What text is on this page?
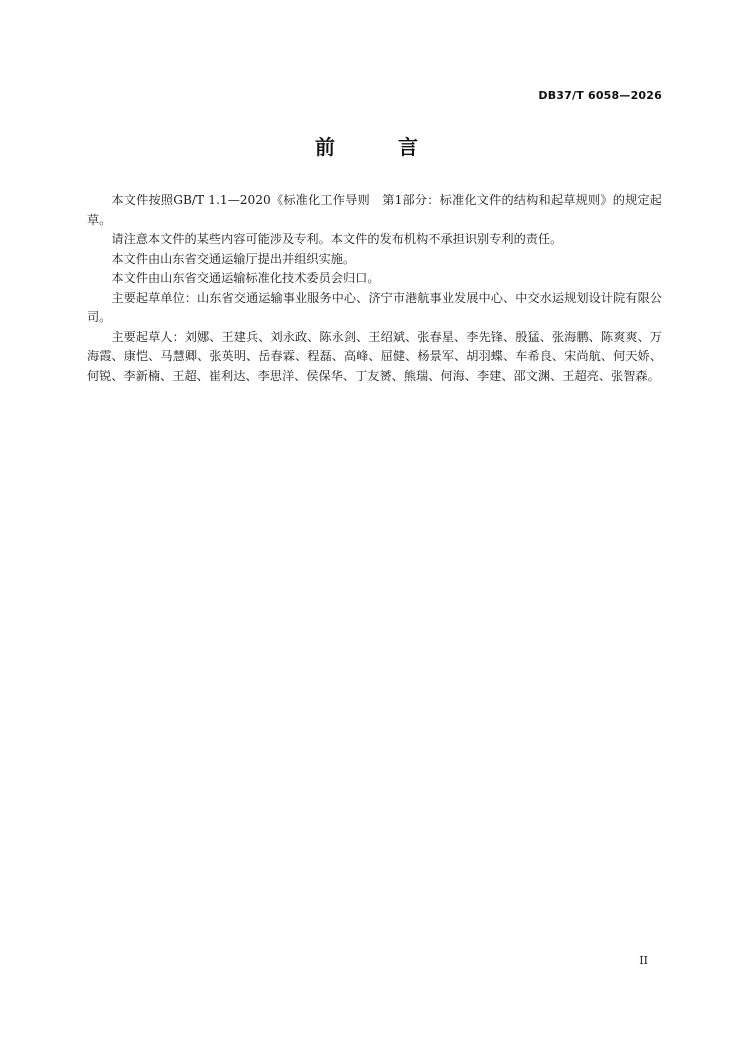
DB37/T 6058—2026
前 言

本文件按照GB/T 1.1—2020《标准化工作导则　第1部分：标准化文件的结构和起草规则》的规定起草。

请注意本文件的某些内容可能涉及专利。本文件的发布机构不承担识别专利的责任。

本文件由山东省交通运输厅提出并组织实施。

本文件由山东省交通运输标准化技术委员会归口。

主要起草单位：山东省交通运输事业服务中心、济宁市港航事业发展中心、中交水运规划设计院有限公司。

主要起草人：刘娜、王建兵、刘永政、陈永剑、王绍斌、张春星、李先锋、殷猛、张海鹏、陈爽爽、万海霞、康恺、马慧卿、张英明、岳春霖、程磊、高峰、屈健、杨景军、胡羽蝶、车希良、宋尚航、何天娇、何锐、李新楠、王超、崔利达、李思洋、侯保华、丁友赟、熊瑞、何海、李建、邵文渊、王超亮、张智森。

II
